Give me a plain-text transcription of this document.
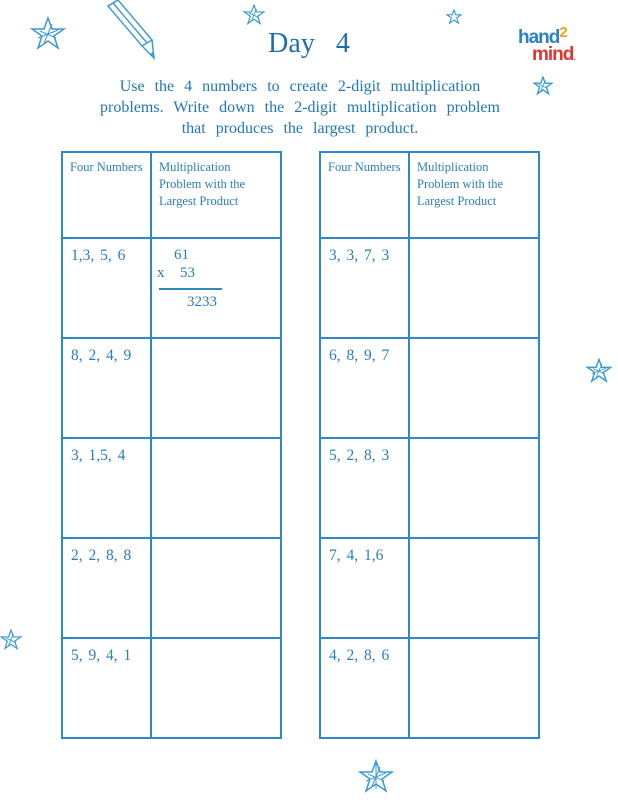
Day 4	hand$^2$
mind.
Use the 4 numbers to create 2-digit multiplication
problems. Write down the 2-digit multiplication problem
that produces the largest product.
Four Numbers	Multiplication Problem with the Largest Product

1,3, 5, 6	61
x 53
3233

8, 2, 4, 9	

3, 1,5, 4	

2, 2, 8, 8	

5, 9, 4, 1	

Four Numbers	Multiplication Problem with the Largest Product

3, 3, 7, 3	

6, 8, 9, 7	

5, 2, 8, 3	

7, 4, 1,6	

4, 2, 8, 6	
